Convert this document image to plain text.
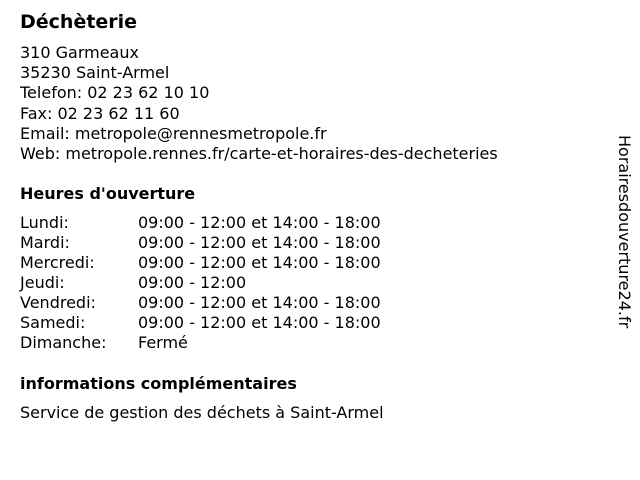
Déchèterie
310 Garmeaux
35230 Saint-Armel
Telefon: 02 23 62 10 10
Fax: 02 23 62 11 60
Email: metropole@rennesmetropole.fr
Web: metropole.rennes.fr/carte-et-horaires-des-decheteries
Heures d'ouverture
Lundi:	09:00 - 12:00 et 14:00 - 18:00
Mardi:	09:00 - 12:00 et 14:00 - 18:00
Mercredi:	09:00 - 12:00 et 14:00 - 18:00
Jeudi:	09:00 - 12:00
Vendredi:	09:00 - 12:00 et 14:00 - 18:00
Samedi:	09:00 - 12:00 et 14:00 - 18:00
Dimanche:	Fermé
informations complémentaires
Service de gestion des déchets à Saint-Armel
Horairesdouverture24.fr
